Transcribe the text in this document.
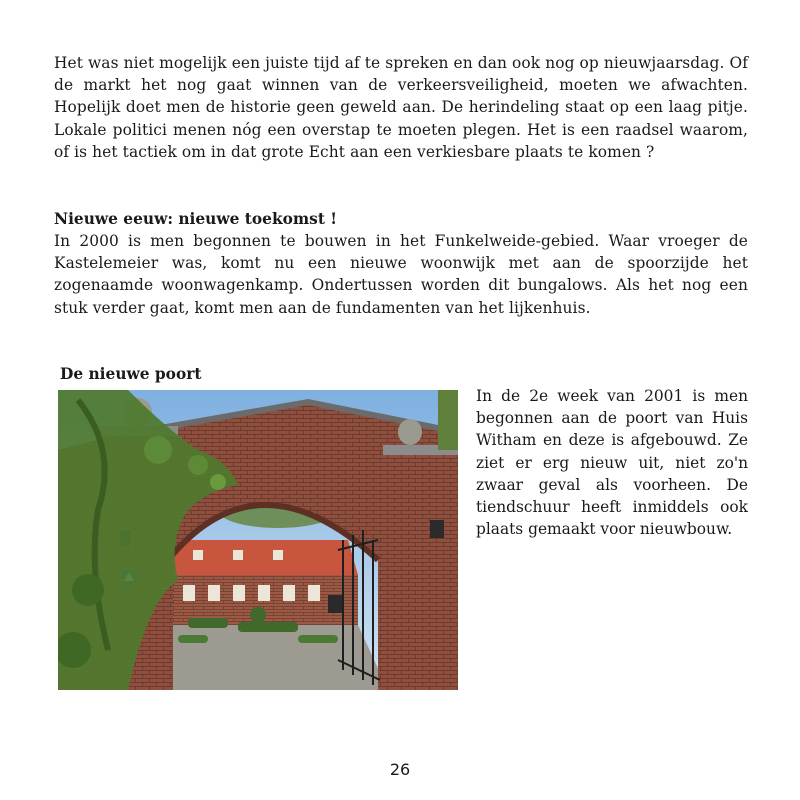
Het was niet mogelijk een juiste tijd af te spreken en dan ook nog op nieuwjaarsdag. Of de markt het nog gaat winnen van de verkeersveiligheid, moeten we afwachten. Hopelijk doet men de historie geen geweld aan. De herindeling staat op een laag pitje. Lokale politici menen nóg een overstap te moeten plegen. Het is een raadsel waarom, of is het tactiek om in dat grote Echt aan een verkiesbare plaats te komen ?

Nieuwe eeuw: nieuwe toekomst !

In 2000 is men begonnen te bouwen in het Funkelweide-gebied. Waar vroeger de Kastelemeier was, komt nu een nieuwe woonwijk met aan de spoorzijde het zogenaamde woonwagenkamp. Ondertussen worden dit bungalows. Als het nog een stuk verder gaat, komt men aan de fundamenten van het lijkenhuis.

De nieuwe poort

In de 2e week van 2001 is men begonnen aan de poort van Huis Witham en deze is afgebouwd. Ze ziet er erg nieuw uit, niet zo'n zwaar geval als voorheen. De tiendschuur heeft inmiddels ook plaats gemaakt voor nieuwbouw.

26
